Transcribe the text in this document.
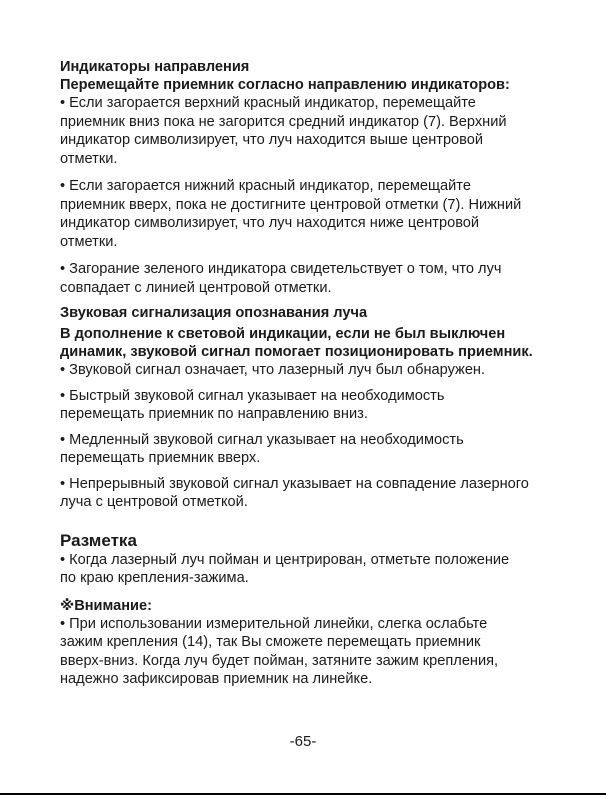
Индикаторы направления

Перемещайте приемник согласно направлению индикаторов:

• Если загорается верхний красный индикатор, перемещайте

приемник вниз пока не загорится средний индикатор (7). Верхний

индикатор символизирует, что луч находится выше центровой

отметки.

• Если загорается нижний красный индикатор, перемещайте

приемник вверх, пока не достигните центровой отметки (7). Нижний

индикатор символизирует, что луч находится ниже центровой

отметки.

• Загорание зеленого индикатора свидетельствует о том, что луч

совпадает с линией центровой отметки.

Звуковая сигнализация опознавания луча

В дополнение к световой индикации, если не был выключен

динамик, звуковой сигнал помогает позиционировать приемник.

• Звуковой сигнал означает, что лазерный луч был обнаружен.

• Быстрый звуковой сигнал указывает на необходимость

перемещать приемник по направлению вниз.

• Медленный звуковой сигнал указывает на необходимость

перемещать приемник вверх.

• Непрерывный звуковой сигнал указывает на совпадение лазерного

луча с центровой отметкой.

Разметка

• Когда лазерный луч пойман и центрирован, отметьте положение

по краю крепления-зажима.

※Внимание:

• При использовании измерительной линейки, слегка ослабьте

зажим крепления (14), так Вы сможете перемещать приемник

вверх-вниз. Когда луч будет пойман, затяните зажим крепления,

надежно зафиксировав приемник на линейке.

-65-
